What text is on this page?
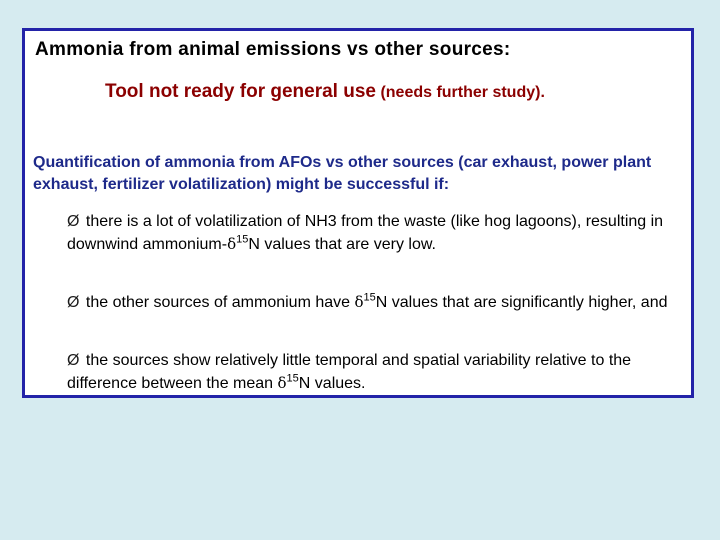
Ammonia from animal emissions vs other sources:
Tool not ready for general use (needs further study).
Quantification of ammonia from AFOs vs other sources (car exhaust, power plant exhaust, fertilizer volatilization) might be successful if:
Ø there is a lot of volatilization of NH3 from the waste (like hog lagoons), resulting in downwind ammonium-$\delta^{15}N$ values that are very low.
Ø the other sources of ammonium have $\delta^{15}N$ values that are significantly higher, and
Ø the sources show relatively little temporal and spatial variability relative to the difference between the mean $\delta^{15}N$ values.
